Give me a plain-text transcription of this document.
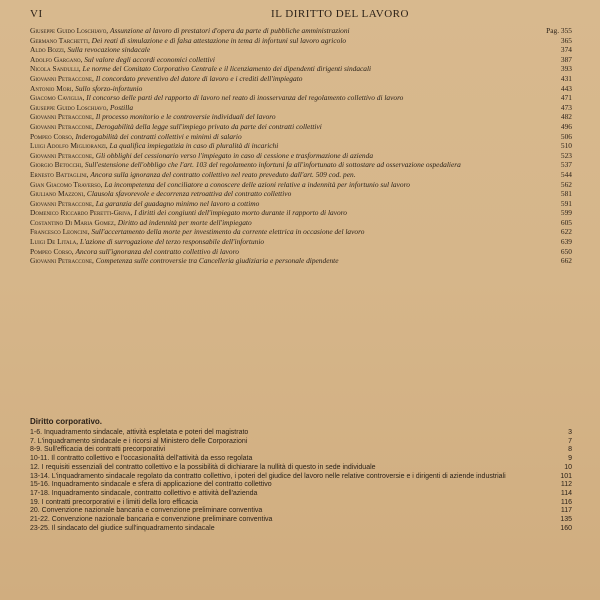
VI	IL DIRITTO DEL LAVORO
Giuseppe Guido Loschiavo, Assunzione al lavoro di prestatori d'opera da parte di pubbliche amministrazioni	Pag. 355
Germano Tarchetti, Dei reati di simulazione e di falsa attestazione in tema di infortuni sul lavoro agricolo	365
Aldo Bozzi, Sulla revocazione sindacale	374
Adolfo Gargano, Sul valore degli accordi economici collettivi	387
Nicola Sandulli, Le norme del Comitato Corporativo Centrale e il licenziamento dei dipendenti dirigenti sindacali	393
Giovanni Petraccone, Il concordato preventivo del datore di lavoro e i crediti dell'impiegato	431
Antonio Mori, Sullo sforzo-infortunio	443
Giacomo Caviglia, Il concorso delle parti del rapporto di lavoro nel reato di inosservanza del regolamento collettivo di lavoro	471
Giuseppe Guido Loschiavo, Postilla	473
Giovanni Petraccone, Il processo monitorio e le controversie individuali del lavoro	482
Giovanni Petraccone, Derogabilità della legge sull'impiego privato da parte dei contratti collettivi	496
Pompeo Corso, Inderogabilità dei contratti collettivi e minimi di salario	506
Luigi Adolfo Miglioranzi, La qualifica impiegatizia in caso di pluralità di incarichi	510
Giovanni Petraccone, Gli obblighi del cessionario verso l'impiegato in caso di cessione e trasformazione di azienda	523
Giorgio Betocchi, Sull'estensione dell'obbligo che l'art. 103 del regolamento infortuni fa all'infortunato di sottostare ad osservazione ospedaliera	537
Ernesto Battaglini, Ancora sulla ignoranza del contratto collettivo nel reato preveduto dall'art. 509 cod. pen.	544
Gian Giacomo Traverso, La incompetenza del conciliatore a conoscere delle azioni relative a indennità per infortunio sul lavoro	562
Giuliano Mazzoni, Clausola sfavorevole e decorrenza retroattiva del contratto collettivo	581
Giovanni Petraccone, La garanzia del guadagno minimo nel lavoro a cottimo	591
Domenico Riccardo Peretti-Griva, I diritti dei congiunti dell'impiegato morto durante il rapporto di lavoro	599
Costantino Di Maria Gomez, Diritto ad indennità per morte dell'impiegato	605
Francesco Leoncini, Sull'accertamento della morte per investimento da corrente elettrica in occasione del lavoro	622
Luigi De Litala, L'azione di surrogazione del terzo responsabile dell'infortunio	639
Pompeo Corso, Ancora sull'ignoranza del contratto collettivo di lavoro	650
Giovanni Petraccone, Competenza sulle controversie tra Cancelleria giudiziaria e personale dipendente	662
Diritto corporativo.
1-6. Inquadramento sindacale, attività espletata e poteri del magistrato	3
7. L'inquadramento sindacale e i ricorsi al Ministero delle Corporazioni	7
8-9. Sull'efficacia dei contratti precorporativi	8
10-11. Il contratto collettivo e l'occasionalità dell'attività da esso regolata	9
12. I requisiti essenziali del contratto collettivo e la possibilità di dichiarare la nullità di questo in sede individuale	10
13-14. L'inquadramento sindacale regolato da contratto collettivo, i poteri del giudice del lavoro nelle relative controversie e i dirigenti di aziende industriali	101
15-16. Inquadramento sindacale e sfera di applicazione del contratto collettivo	112
17-18. Inquadramento sindacale, contratto collettivo e attività dell'azienda	114
19. I contratti precorporativi e i limiti della loro efficacia	116
20. Convenzione nazionale bancaria e convenzione preliminare conventiva	117
21-22. Convenzione nazionale bancaria e convenzione preliminare conventiva	135
23-25. Il sindacato del giudice sull'inquadramento sindacale	160
